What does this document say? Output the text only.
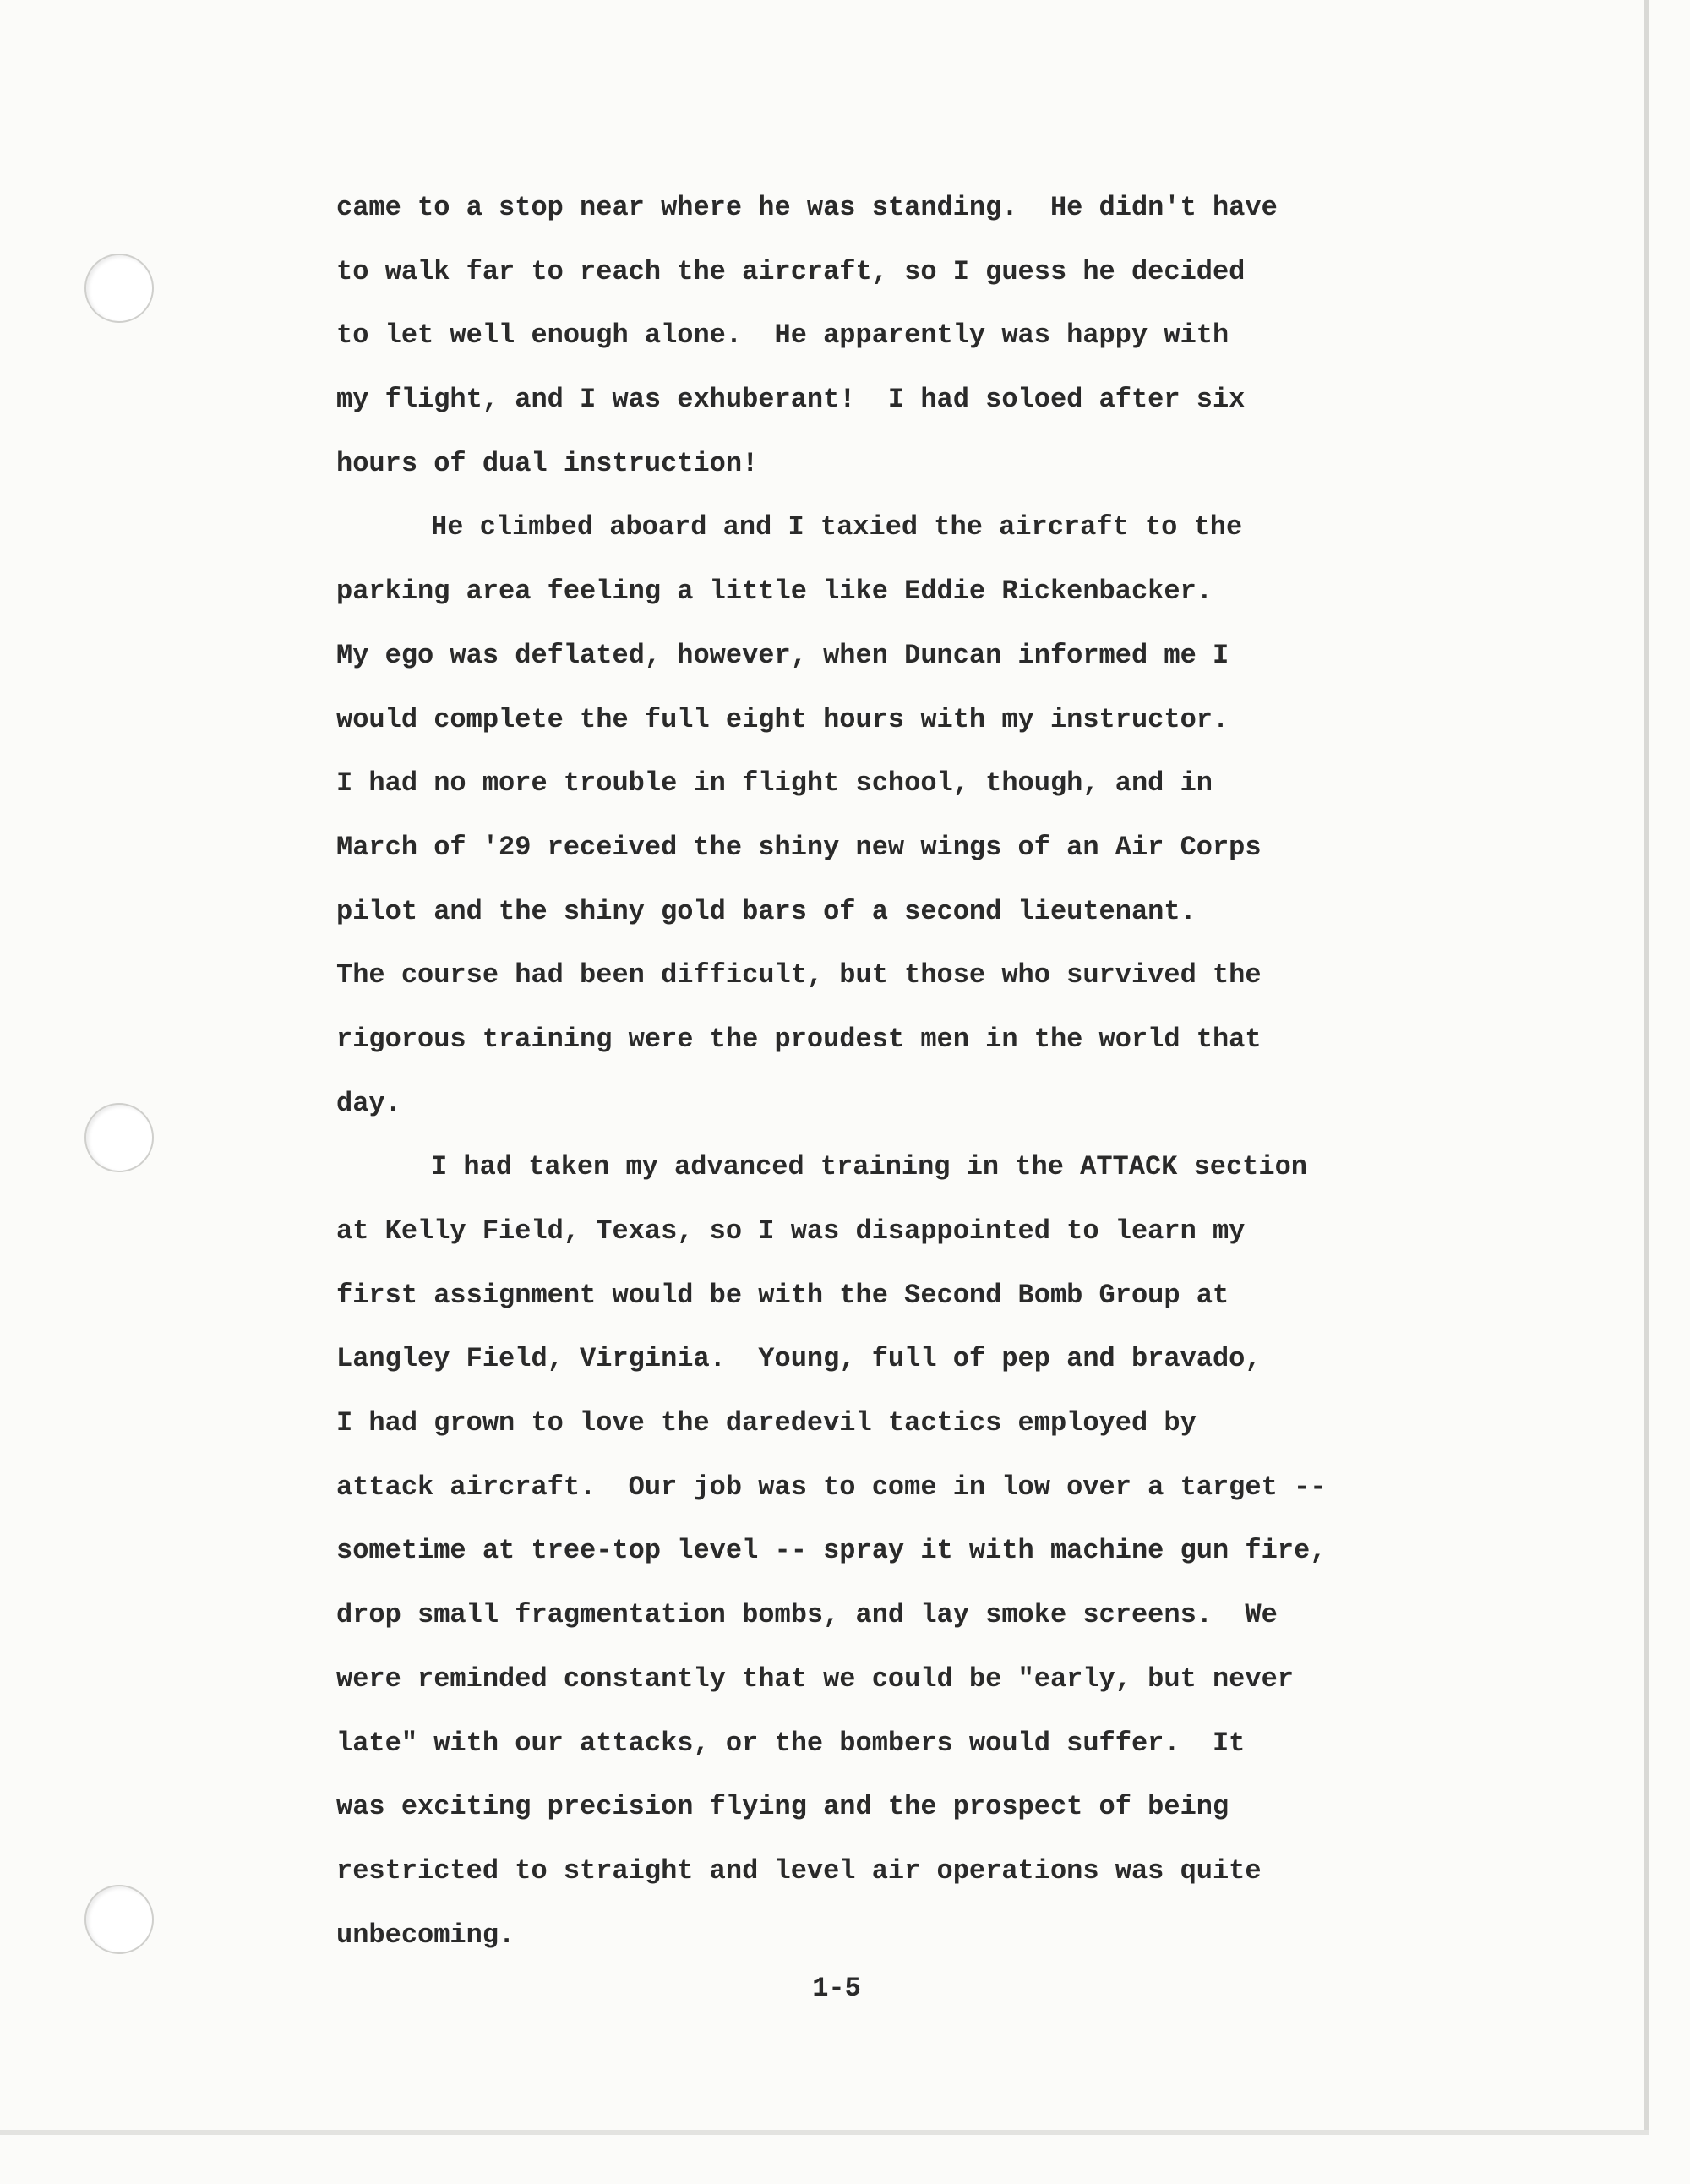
came to a stop near where he was standing.  He didn't have
to walk far to reach the aircraft, so I guess he decided
to let well enough alone.  He apparently was happy with
my flight, and I was exhuberant!  I had soloed after six
hours of dual instruction!
He climbed aboard and I taxied the aircraft to the
parking area feeling a little like Eddie Rickenbacker.
My ego was deflated, however, when Duncan informed me I
would complete the full eight hours with my instructor.
I had no more trouble in flight school, though, and in
March of '29 received the shiny new wings of an Air Corps
pilot and the shiny gold bars of a second lieutenant.
The course had been difficult, but those who survived the
rigorous training were the proudest men in the world that
day.
I had taken my advanced training in the ATTACK section
at Kelly Field, Texas, so I was disappointed to learn my
first assignment would be with the Second Bomb Group at
Langley Field, Virginia.  Young, full of pep and bravado,
I had grown to love the daredevil tactics employed by
attack aircraft.  Our job was to come in low over a target --
sometime at tree-top level -- spray it with machine gun fire,
drop small fragmentation bombs, and lay smoke screens.  We
were reminded constantly that we could be "early, but never
late" with our attacks, or the bombers would suffer.  It
was exciting precision flying and the prospect of being
restricted to straight and level air operations was quite
unbecoming.
1-5
